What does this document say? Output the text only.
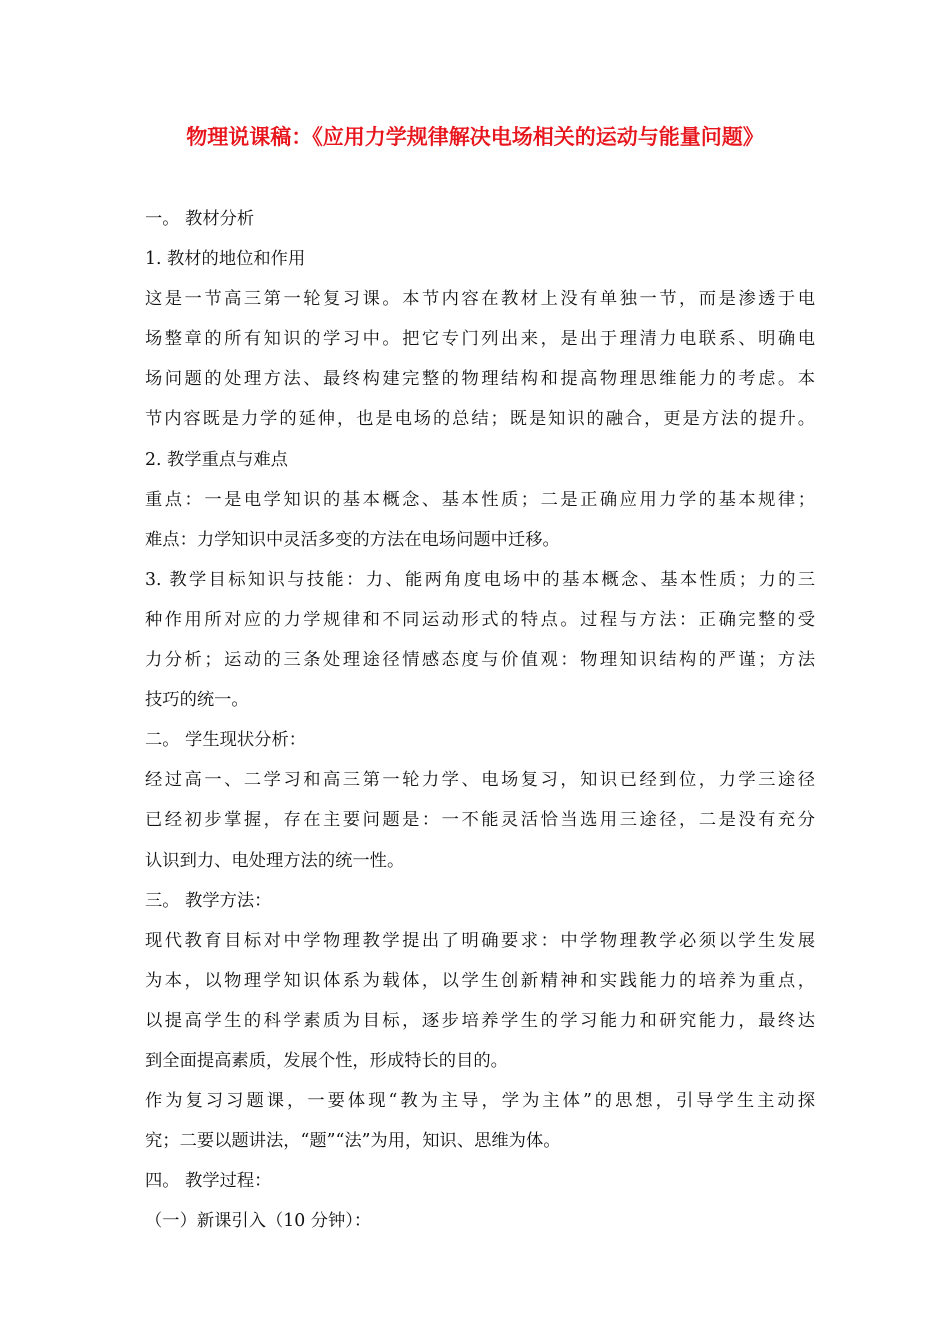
物理说课稿：《应用力学规律解决电场相关的运动与能量问题》
一。 教材分析
1. 教材的地位和作用
这是一节高三第一轮复习课。本节内容在教材上没有单独一节，而是渗透于电
场整章的所有知识的学习中。把它专门列出来，是出于理清力电联系、明确电
场问题的处理方法、最终构建完整的物理结构和提高物理思维能力的考虑。本
节内容既是力学的延伸，也是电场的总结；既是知识的融合，更是方法的提升。
2. 教学重点与难点
重点：一是电学知识的基本概念、基本性质；二是正确应用力学的基本规律；
难点：力学知识中灵活多变的方法在电场问题中迁移。
3. 教学目标知识与技能：力、能两角度电场中的基本概念、基本性质；力的三
种作用所对应的力学规律和不同运动形式的特点。过程与方法：正确完整的受
力分析；运动的三条处理途径情感态度与价值观：物理知识结构的严谨；方法
技巧的统一。
二。 学生现状分析：
经过高一、二学习和高三第一轮力学、电场复习，知识已经到位，力学三途径
已经初步掌握，存在主要问题是：一不能灵活恰当选用三途径，二是没有充分
认识到力、电处理方法的统一性。
三。 教学方法：
现代教育目标对中学物理教学提出了明确要求：中学物理教学必须以学生发展
为本，以物理学知识体系为载体，以学生创新精神和实践能力的培养为重点，
以提高学生的科学素质为目标，逐步培养学生的学习能力和研究能力，最终达
到全面提高素质，发展个性，形成特长的目的。
作为复习习题课，一要体现“教为主导，学为主体”的思想，引导学生主动探
究；二要以题讲法，“题”“法”为用，知识、思维为体。
四。 教学过程：
（一）新课引入（10 分钟）：
